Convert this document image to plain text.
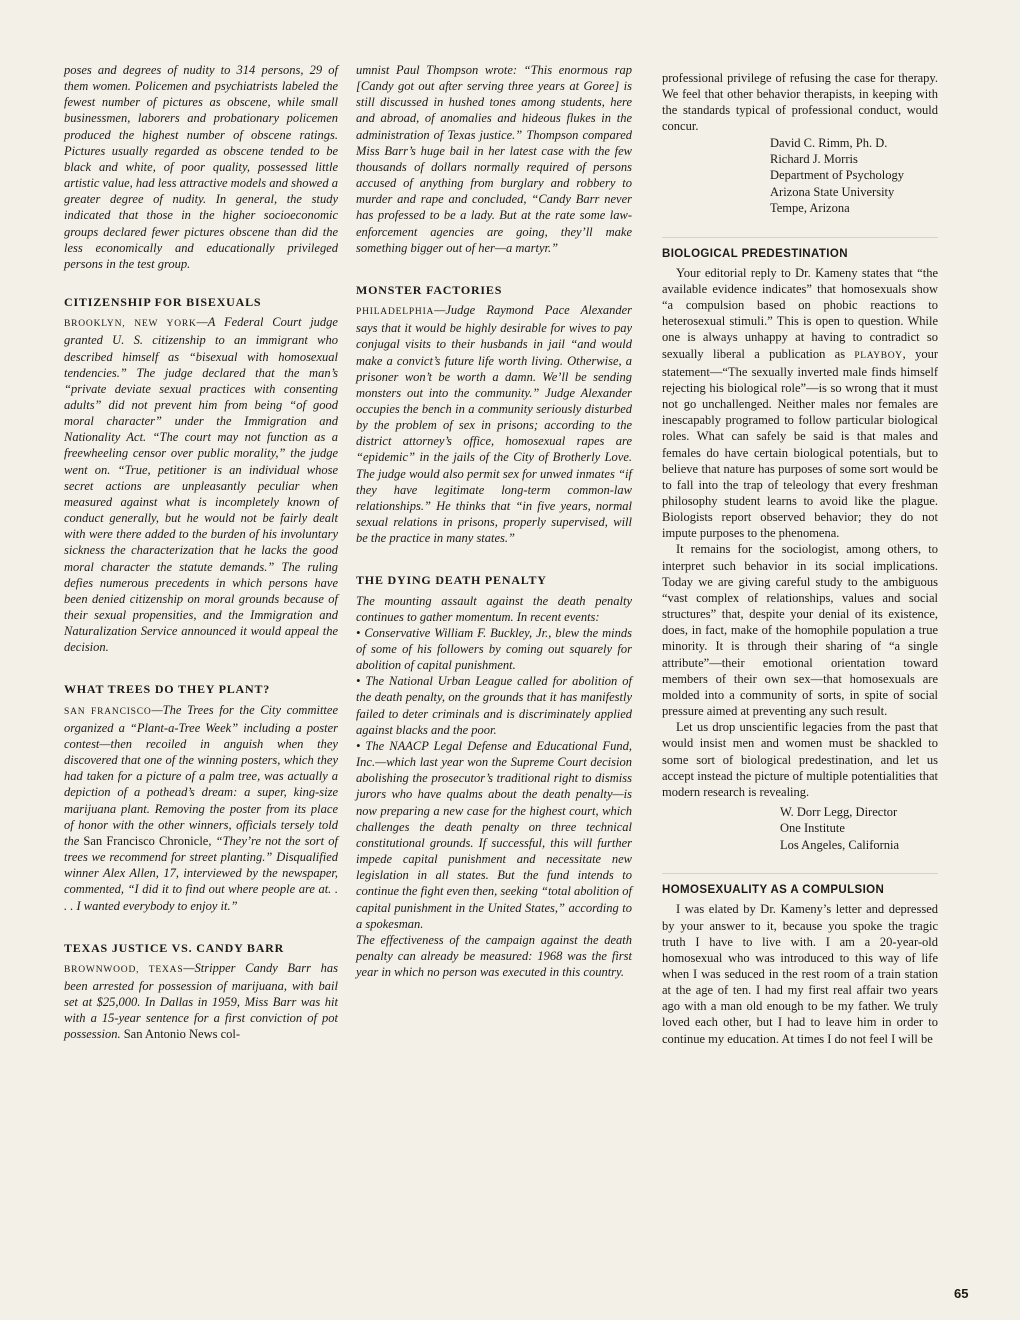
poses and degrees of nudity to 314 persons, 29 of them women. Policemen and psychiatrists labeled the fewest number of pictures as obscene, while small businessmen, laborers and probationary policemen produced the highest number of obscene ratings. Pictures usually regarded as obscene tended to be black and white, of poor quality, possessed little artistic value, had less attractive models and showed a greater degree of nudity. In general, the study indicated that those in the higher socioeconomic groups declared fewer pictures obscene than did the less economically and educationally privileged persons in the test group.

CITIZENSHIP FOR BISEXUALS

BROOKLYN, NEW YORK—A Federal Court judge granted U. S. citizenship to an immigrant who described himself as “bisexual with homosexual tendencies.” The judge declared that the man’s “private deviate sexual practices with consenting adults” did not prevent him from being “of good moral character” under the Immigration and Nationality Act. “The court may not function as a freewheeling censor over public morality,” the judge went on. “True, petitioner is an individual whose secret actions are unpleasantly peculiar when measured against what is incompletely known of conduct generally, but he would not be fairly dealt with were there added to the burden of his involuntary sickness the characterization that he lacks the good moral character the statute demands.” The ruling defies numerous precedents in which persons have been denied citizenship on moral grounds because of their sexual propensities, and the Immigration and Naturalization Service announced it would appeal the decision.

WHAT TREES DO THEY PLANT?

SAN FRANCISCO—The Trees for the City committee organized a “Plant-a-Tree Week” including a poster contest—then recoiled in anguish when they discovered that one of the winning posters, which they had taken for a picture of a palm tree, was actually a depiction of a pothead’s dream: a super, king-size marijuana plant. Removing the poster from its place of honor with the other winners, officials tersely told the San Francisco Chronicle, “They’re not the sort of trees we recommend for street planting.” Disqualified winner Alex Allen, 17, interviewed by the newspaper, commented, “I did it to find out where people are at. . . . I wanted everybody to enjoy it.”

TEXAS JUSTICE VS. CANDY BARR

BROWNWOOD, TEXAS—Stripper Candy Barr has been arrested for possession of marijuana, with bail set at $25,000. In Dallas in 1959, Miss Barr was hit with a 15-year sentence for a first conviction of pot possession. San Antonio News col-

umnist Paul Thompson wrote: “This enormous rap [Candy got out after serving three years at Goree] is still discussed in hushed tones among students, here and abroad, of anomalies and hideous flukes in the administration of Texas justice.” Thompson compared Miss Barr’s huge bail in her latest case with the few thousands of dollars normally required of persons accused of anything from burglary and robbery to murder and rape and concluded, “Candy Barr never has professed to be a lady. But at the rate some law-enforcement agencies are going, they’ll make something bigger out of her—a martyr.”

MONSTER FACTORIES

PHILADELPHIA—Judge Raymond Pace Alexander says that it would be highly desirable for wives to pay conjugal visits to their husbands in jail “and would make a convict’s future life worth living. Otherwise, a prisoner won’t be worth a damn. We’ll be sending monsters out into the community.” Judge Alexander occupies the bench in a community seriously disturbed by the problem of sex in prisons; according to the district attorney’s office, homosexual rapes are “epidemic” in the jails of the City of Brotherly Love. The judge would also permit sex for unwed inmates “if they have legitimate long-term common-law relationships.” He thinks that “in five years, normal sexual relations in prisons, properly supervised, will be the practice in many states.”

THE DYING DEATH PENALTY

The mounting assault against the death penalty continues to gather momentum. In recent events:

• Conservative William F. Buckley, Jr., blew the minds of some of his followers by coming out squarely for abolition of capital punishment.

• The National Urban League called for abolition of the death penalty, on the grounds that it has manifestly failed to deter criminals and is discriminately applied against blacks and the poor.

• The NAACP Legal Defense and Educational Fund, Inc.—which last year won the Supreme Court decision abolishing the prosecutor’s traditional right to dismiss jurors who have qualms about the death penalty—is now preparing a new case for the highest court, which challenges the death penalty on three technical constitutional grounds. If successful, this will further impede capital punishment and necessitate new legislation in all states. But the fund intends to continue the fight even then, seeking “total abolition of capital punishment in the United States,” according to a spokesman.

The effectiveness of the campaign against the death penalty can already be measured: 1968 was the first year in which no person was executed in this country.

professional privilege of refusing the case for therapy. We feel that other behavior therapists, in keeping with the standards typical of professional conduct, would concur.

David C. Rimm, Ph. D.
Richard J. Morris
Department of Psychology
Arizona State University
Tempe, Arizona
BIOLOGICAL PREDESTINATION

Your editorial reply to Dr. Kameny states that “the available evidence indicates” that homosexuals show “a compulsion based on phobic reactions to heterosexual stimuli.” This is open to question. While one is always unhappy at having to contradict so sexually liberal a publication as PLAYBOY, your statement—“The sexually inverted male finds himself rejecting his biological role”—is so wrong that it must not go unchallenged. Neither males nor females are inescapably programed to follow particular biological roles. What can safely be said is that males and females do have certain biological potentials, but to believe that nature has purposes of some sort would be to fall into the trap of teleology that every freshman philosophy student learns to avoid like the plague. Biologists report observed behavior; they do not impute purposes to the phenomena.

It remains for the sociologist, among others, to interpret such behavior in its social implications. Today we are giving careful study to the ambiguous “vast complex of relationships, values and social structures” that, despite your denial of its existence, does, in fact, make of the homophile population a true minority. It is through their sharing of “a single attribute”—their emotional orientation toward members of their own sex—that homosexuals are molded into a community of sorts, in spite of social pressure aimed at preventing any such result.

Let us drop unscientific legacies from the past that would insist men and women must be shackled to some sort of biological predestination, and let us accept instead the picture of multiple potentialities that modern research is revealing.

W. Dorr Legg, Director
One Institute
Los Angeles, California
HOMOSEXUALITY AS A COMPULSION

I was elated by Dr. Kameny’s letter and depressed by your answer to it, because you spoke the tragic truth I have to live with. I am a 20-year-old homosexual who was introduced to this way of life when I was seduced in the rest room of a train station at the age of ten. I had my first real affair two years ago with a man old enough to be my father. We truly loved each other, but I had to leave him in order to continue my education. At times I do not feel I will be

65
